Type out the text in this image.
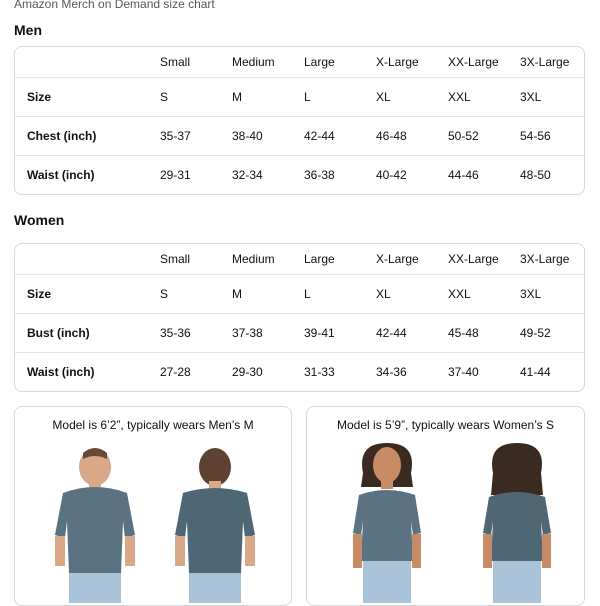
Amazon Merch on Demand size chart
Men
	Small	Medium	Large	X-Large	XX-Large	3X-Large
Size	S	M	L	XL	XXL	3XL
Chest (inch)	35-37	38-40	42-44	46-48	50-52	54-56
Waist (inch)	29-31	32-34	36-38	40-42	44-46	48-50
Women
	Small	Medium	Large	X-Large	XX-Large	3X-Large
Size	S	M	L	XL	XXL	3XL
Bust (inch)	35-36	37-38	39-41	42-44	45-48	49-52
Waist (inch)	27-28	29-30	31-33	34-36	37-40	41-44
Model is 6’2”, typically wears Men’s M	Model is 5’9”, typically wears Women’s S
